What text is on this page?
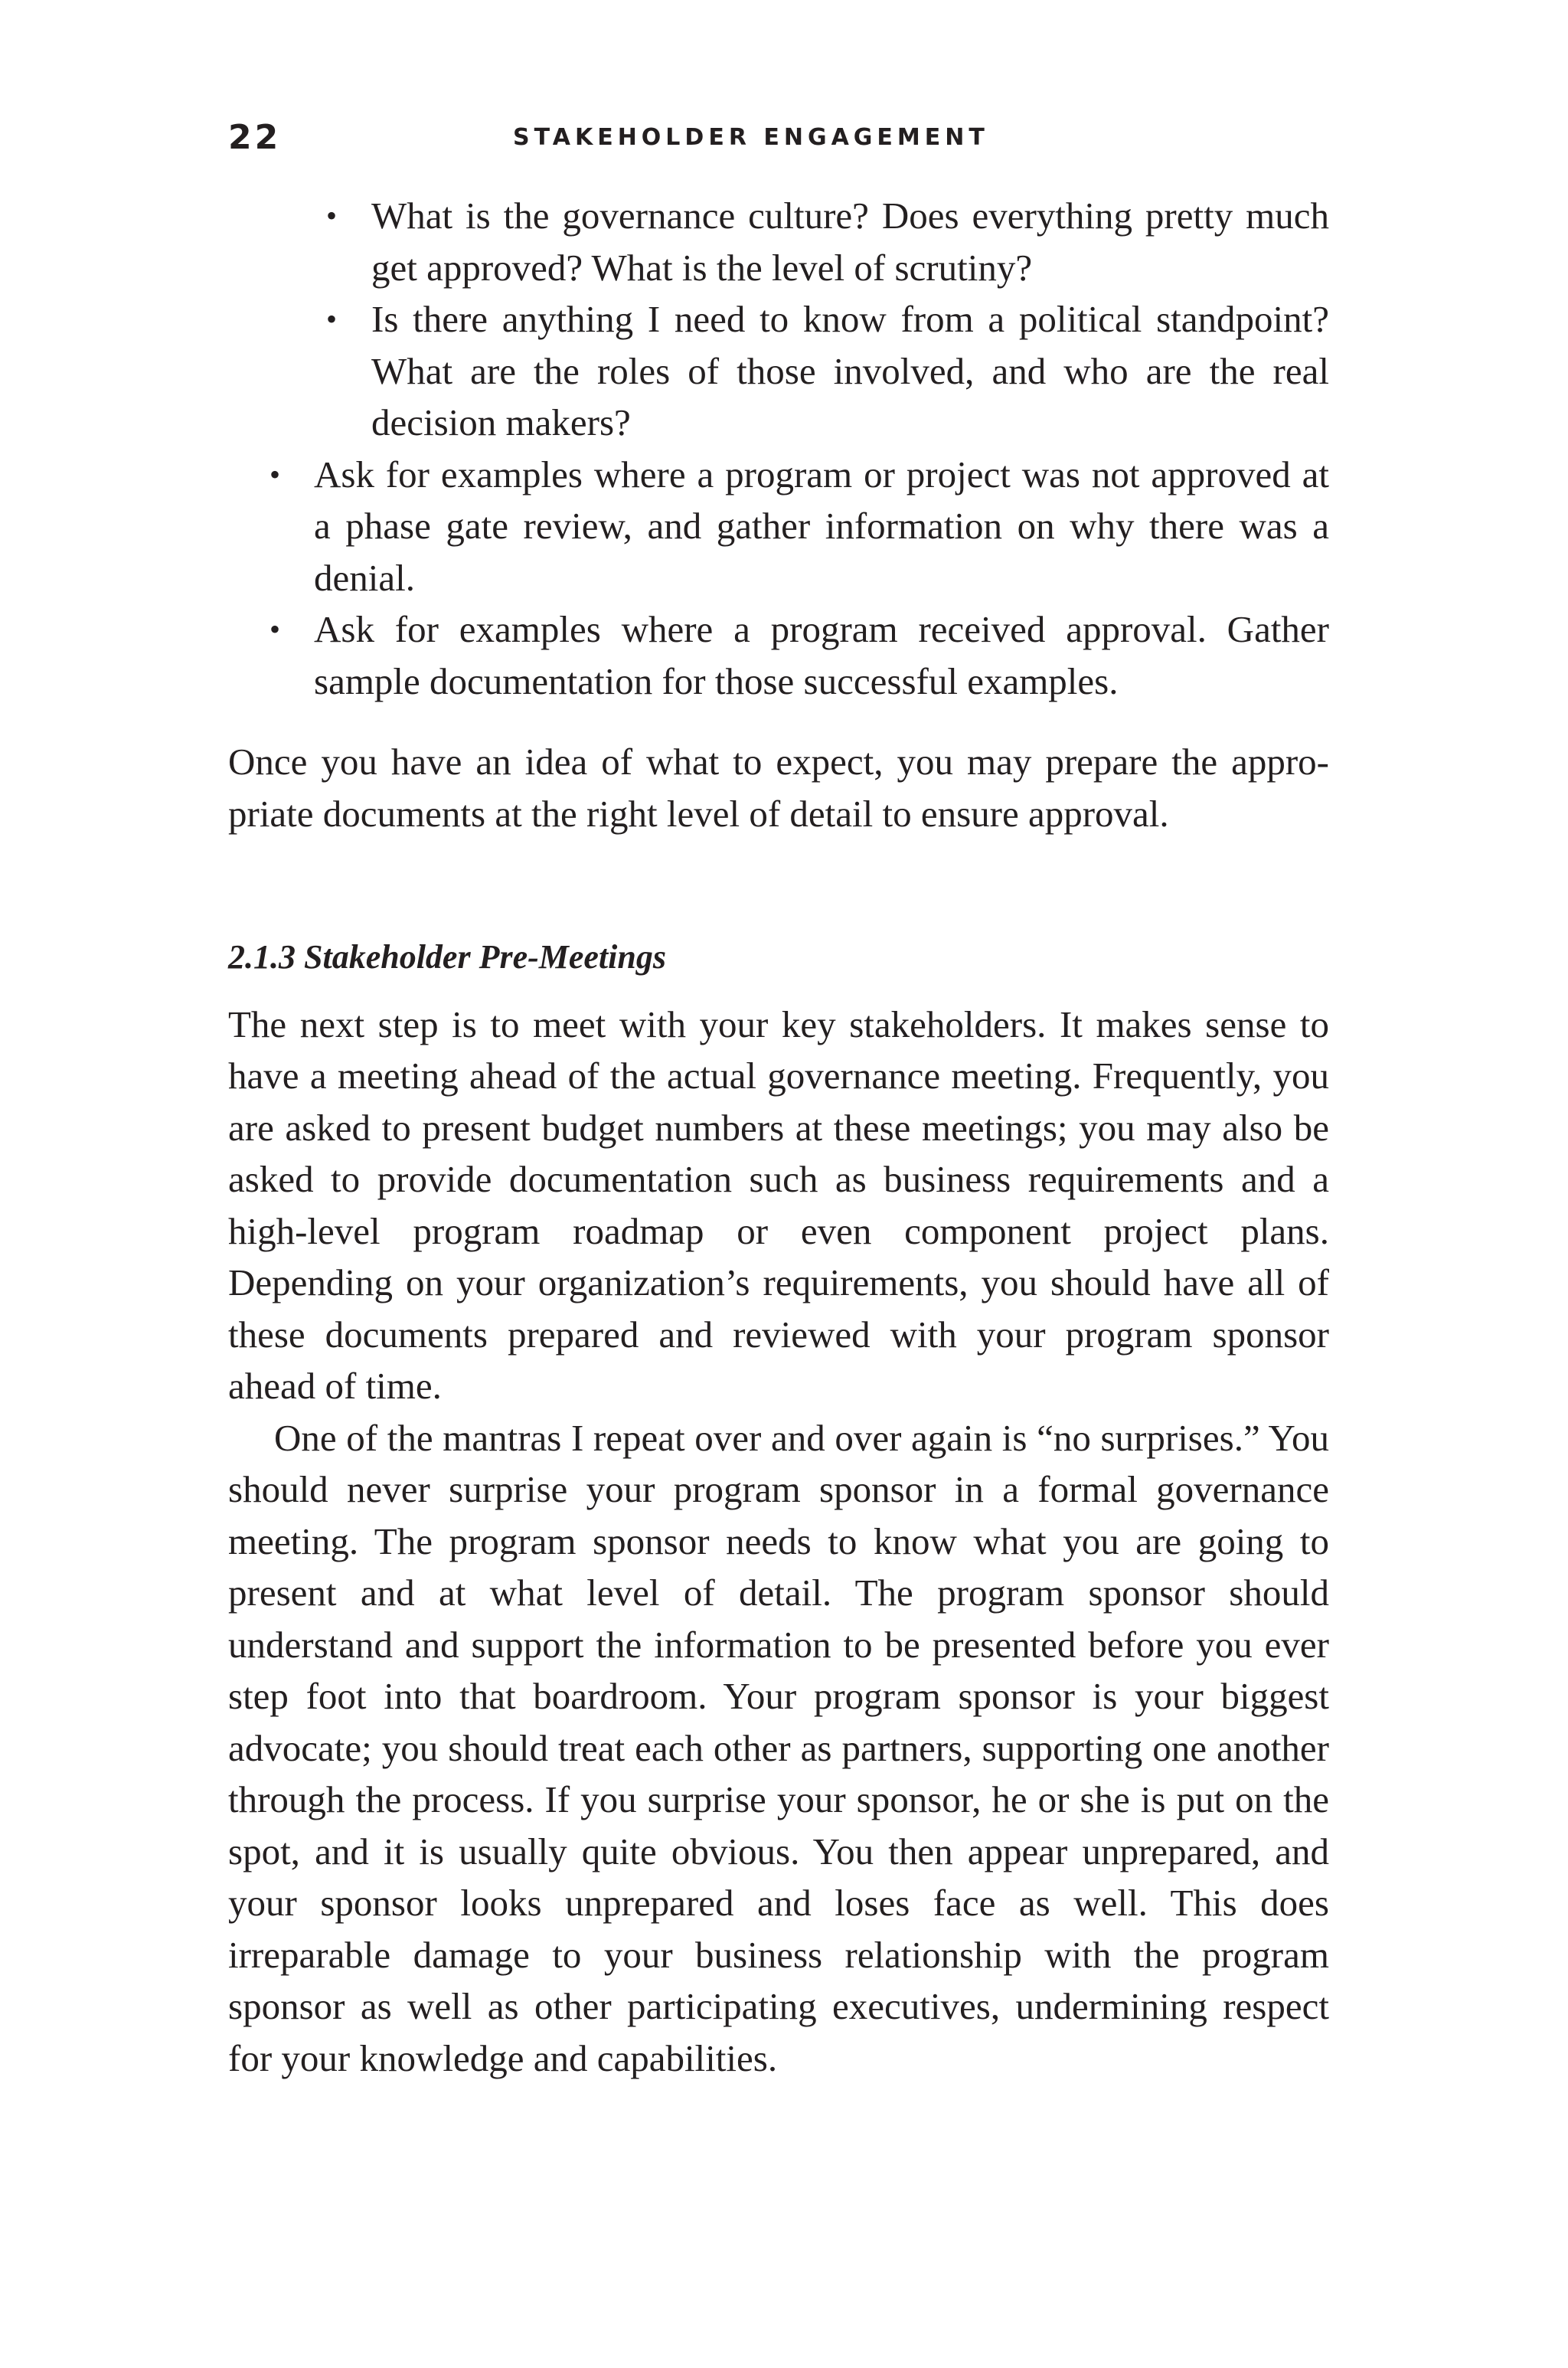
22	STAKEHOLDER ENGAGEMENT
• What is the governance culture? Does everything pretty much get approved? What is the level of scrutiny?
• Is there anything I need to know from a political standpoint? What are the roles of those involved, and who are the real decision makers?
• Ask for examples where a program or project was not approved at a phase gate review, and gather information on why there was a denial.
• Ask for examples where a program received approval. Gather sample documentation for those successful examples.

Once you have an idea of what to expect, you may prepare the appropriate documents at the right level of detail to ensure approval.

2.1.3 Stakeholder Pre-Meetings

The next step is to meet with your key stakeholders. It makes sense to have a meeting ahead of the actual governance meeting. Frequently, you are asked to present budget numbers at these meetings; you may also be asked to provide documentation such as business requirements and a high-level program roadmap or even component project plans. Depending on your organization’s requirements, you should have all of these documents prepared and reviewed with your program sponsor ahead of time.

One of the mantras I repeat over and over again is “no surprises.” You should never surprise your program sponsor in a formal governance meeting. The program sponsor needs to know what you are going to present and at what level of detail. The program sponsor should understand and support the information to be presented before you ever step foot into that boardroom. Your program sponsor is your biggest advocate; you should treat each other as partners, supporting one another through the process. If you surprise your sponsor, he or she is put on the spot, and it is usually quite obvious. You then appear unprepared, and your sponsor looks unprepared and loses face as well. This does irreparable damage to your business relationship with the program sponsor as well as other participating executives, undermining respect for your knowledge and capabilities.
